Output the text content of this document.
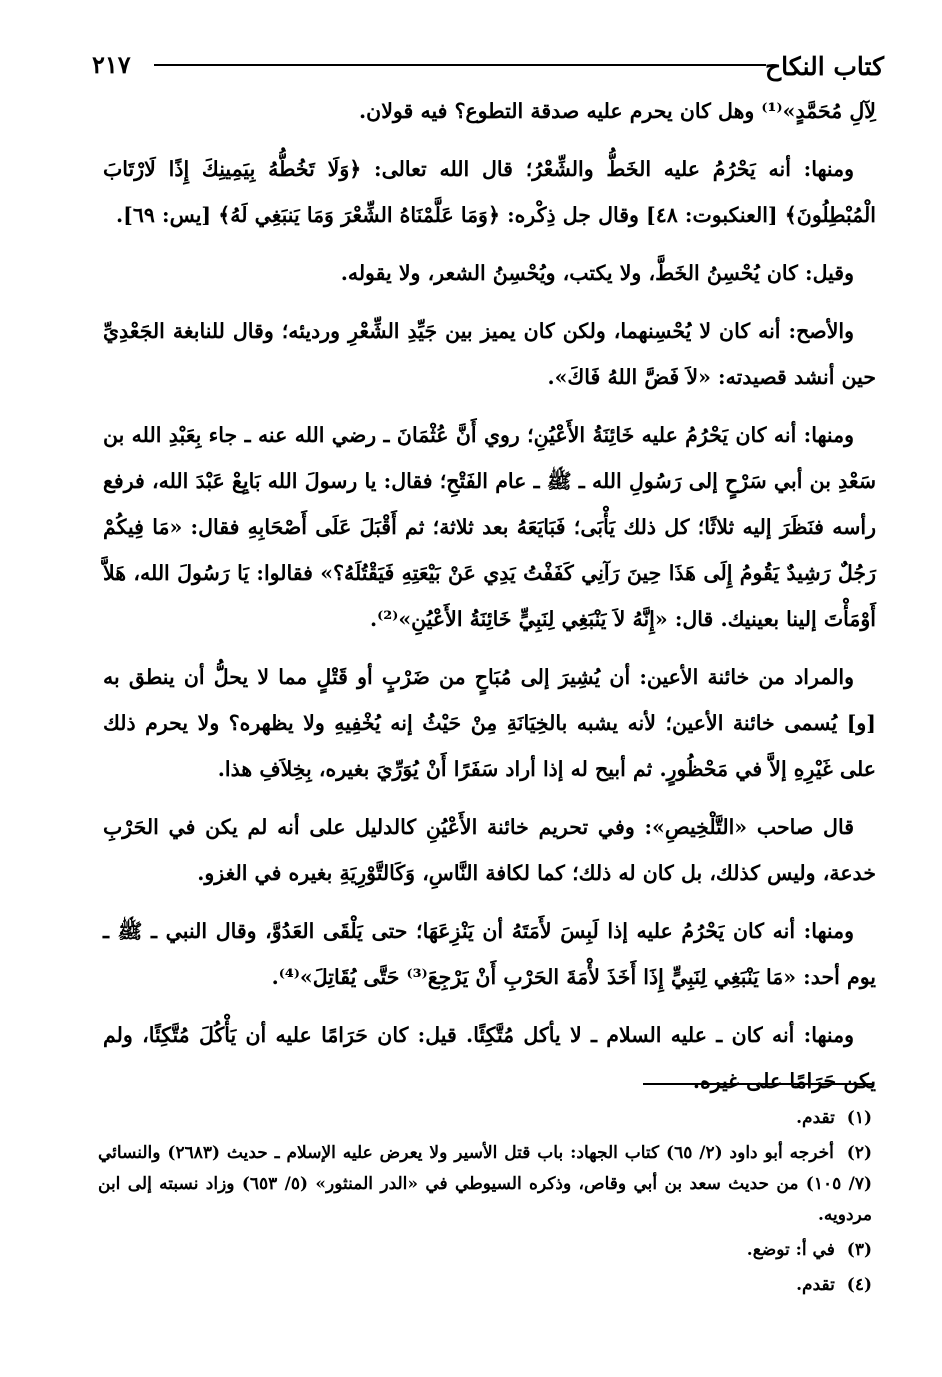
كتاب النكاح
٢١٧

لِآلِ مُحَمَّدٍ»⁽¹⁾ وهل كان يحرم عليه صدقة التطوع؟ فيه قولان.

ومنها: أنه يَحْرُمُ عليه الخَطُّ والشِّعْرُ؛ قال الله تعالى: ﴿وَلَا تَخُطُّهُ بِيَمِينِكَ إِذًا لَارْتَابَ الْمُبْطِلُونَ﴾ [العنكبوت: ٤٨] وقال جل ذِكْره: ﴿وَمَا عَلَّمْنَاهُ الشِّعْرَ وَمَا يَنبَغِي لَهُ﴾ [يس: ٦٩].

وقيل: كان يُحْسِنُ الخَطَّ، ولا يكتب، ويُحْسِنُ الشعر، ولا يقوله.

والأصح: أنه كان لا يُحْسِنهما، ولكن كان يميز بين جَيِّدِ الشِّعْرِ ورديئه؛ وقال للنابغة الجَعْدِيِّ حين أنشد قصيدته: «لاَ فَضَّ اللهُ فَاكَ».

ومنها: أنه كان يَحْرُمُ عليه خَائِنَةُ الأَعْيُنِ؛ روي أَنَّ عُثْمَانَ ـ رضي الله عنه ـ جاء بِعَبْدِ الله بن سَعْدِ بن أبي سَرْحٍ إلى رَسُولِ الله ـ ﷺ ـ عام الفَتْحِ؛ فقال: يا رسولَ الله بَايِعْ عَبْدَ الله، فرفع رأسه فنَظَرَ إليه ثلاثًا؛ كل ذلك يَأْبَى؛ فَبَايَعَهُ بعد ثلاثة؛ ثم أَقْبَلَ عَلَى أَصْحَابِهِ فقال: «مَا فِيكُمْ رَجُلٌ رَشِيدٌ يَقُومُ إِلَى هَذَا حِينَ رَآنِي كَفَفْتُ يَدِي عَنْ بَيْعَتِهِ فَيَقْتُلَهُ؟» فقالوا: يَا رَسُولَ الله، هَلاَّ أَوْمَأْتَ إلينا بعينيك. قال: «إِنَّهُ لاَ يَنْبَغِي لِنَبِيٍّ خَائِنَةُ الأَعْيُنِ»⁽²⁾.

والمراد من خائنة الأعين: أن يُشِيرَ إلى مُبَاحٍ من ضَرْبٍ أو قَتْلٍ مما لا يحلُّ أن ينطق به [و] يُسمى خائنة الأعين؛ لأنه يشبه بالخِيَانَةِ مِنْ حَيْثُ إنه يُخْفِيهِ ولا يظهره؟ ولا يحرم ذلك على غَيْرِهِ إلاَّ في مَحْظُورٍ. ثم أبيح له إذا أراد سَفَرًا أَنْ يُوَرِّيَ بغيره، بِخِلاَفِ هذا.

قال صاحب «التَّلْخِيصِ»: وفي تحريم خائنة الأَعْيُنِ كالدليل على أنه لم يكن في الحَرْبِ خدعة، وليس كذلك، بل كان له ذلك؛ كما لكافة النَّاسِ، وَكَالتَّوْرِيَةِ بغيره في الغزو.

ومنها: أنه كان يَحْرُمُ عليه إذا لَبِسَ لأَمَتَهُ أن يَنْزِعَهَا؛ حتى يَلْقَى العَدُوَّ، وقال النبي ـ ﷺ ـ يوم أحد: «مَا يَنْبَغِي لِنَبِيٍّ إِذَا أَخَذَ لأْمَةَ الحَرْبِ أَنْ يَرْجِعَ⁽³⁾ حَتَّى يُقَاتِلَ»⁽⁴⁾.

ومنها: أنه كان ـ عليه السلام ـ لا يأكل مُتَّكِئًا. قيل: كان حَرَامًا عليه أن يَأْكُلَ مُتَّكِئًا، ولم يكن حَرَامًا على غيره.

(١) تقدم.
(٢) أخرجه أبو داود (٢/ ٦٥) كتاب الجهاد: باب قتل الأسير ولا يعرض عليه الإسلام ـ حديث (٢٦٨٣) والنسائي (٧/ ١٠٥) من حديث سعد بن أبي وقاص، وذكره السيوطي في «الدر المنثور» (٥/ ٦٥٣) وزاد نسبته إلى ابن مردويه.
(٣) في أ: توضع.
(٤) تقدم.
